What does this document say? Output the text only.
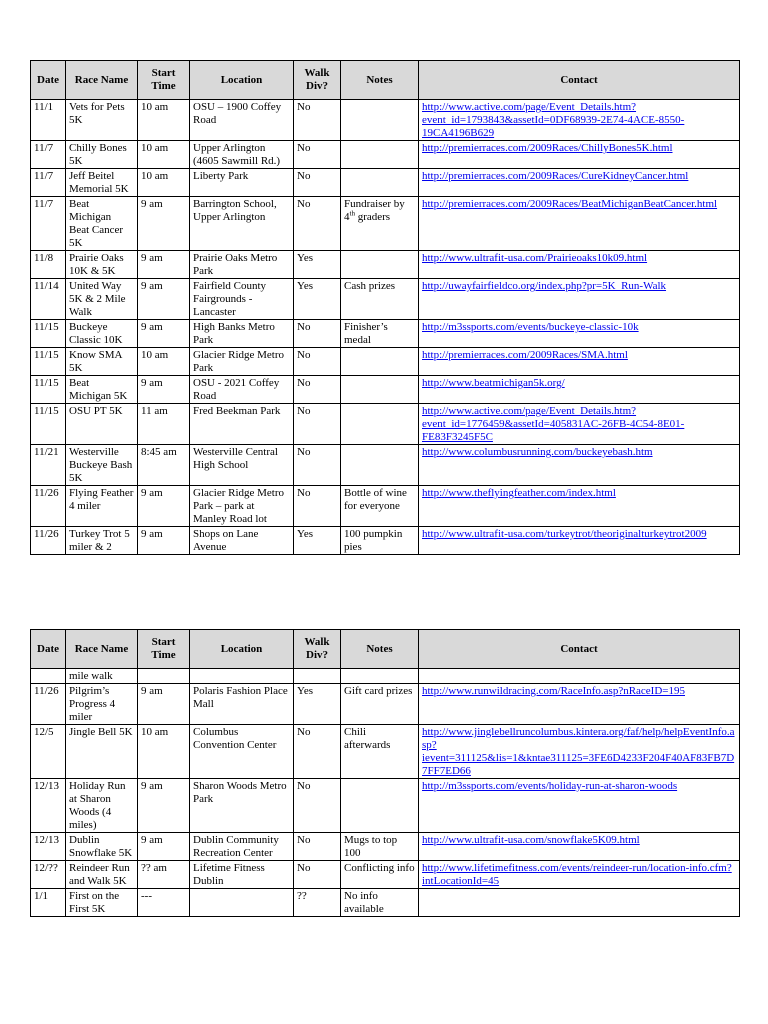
Date	Race Name	Start Time	Location	Walk Div?	Notes	Contact
11/1	Vets for Pets 5K	10 am	OSU – 1900 Coffey Road	No		http://www.active.com/page/Event_Details.htm?event_id=1793843&assetId=0DF68939-2E74-4ACE-8550-19CA4196B629
11/7	Chilly Bones 5K	10 am	Upper Arlington (4605 Sawmill Rd.)	No		http://premierraces.com/2009Races/ChillyBones5K.html
11/7	Jeff Beitel Memorial 5K	10 am	Liberty Park	No		http://premierraces.com/2009Races/CureKidneyCancer.html
11/7	Beat Michigan Beat Cancer 5K	9 am	Barrington School, Upper Arlington	No	Fundraiser by 4th graders	http://premierraces.com/2009Races/BeatMichiganBeatCancer.html
11/8	Prairie Oaks 10K & 5K	9 am	Prairie Oaks Metro Park	Yes		http://www.ultrafit-usa.com/Prairieoaks10k09.html
11/14	United Way 5K & 2 Mile Walk	9 am	Fairfield County Fairgrounds - Lancaster	Yes	Cash prizes	http://uwayfairfieldco.org/index.php?pr=5K_Run-Walk
11/15	Buckeye Classic 10K	9 am	High Banks Metro Park	No	Finisher’s medal	http://m3ssports.com/events/buckeye-classic-10k
11/15	Know SMA 5K	10 am	Glacier Ridge Metro Park	No		http://premierraces.com/2009Races/SMA.html
11/15	Beat Michigan 5K	9 am	OSU - 2021 Coffey Road	No		http://www.beatmichigan5k.org/
11/15	OSU PT 5K	11 am	Fred Beekman Park	No		http://www.active.com/page/Event_Details.htm?event_id=1776459&assetId=405831AC-26FB-4C54-8E01-FE83F3245F5C
11/21	Westerville Buckeye Bash 5K	8:45 am	Westerville Central High School	No		http://www.columbusrunning.com/buckeyebash.htm
11/26	Flying Feather 4 miler	9 am	Glacier Ridge Metro Park – park at Manley Road lot	No	Bottle of wine for everyone	http://www.theflyingfeather.com/index.html
11/26	Turkey Trot 5 miler & 2	9 am	Shops on Lane Avenue	Yes	100 pumpkin pies	http://www.ultrafit-usa.com/turkeytrot/theoriginalturkeytrot2009
Date	Race Name	Start Time	Location	Walk Div?	Notes	Contact
	mile walk					
11/26	Pilgrim’s Progress 4 miler	9 am	Polaris Fashion Place Mall	Yes	Gift card prizes	http://www.runwildracing.com/RaceInfo.asp?nRaceID=195
12/5	Jingle Bell 5K	10 am	Columbus Convention Center	No	Chili afterwards	http://www.jinglebellruncolumbus.kintera.org/faf/help/helpEventInfo.asp?ievent=311125&lis=1&kntae311125=3FE6D4233F204F40AF83FB7D7FF7ED66
12/13	Holiday Run at Sharon Woods (4 miles)	9 am	Sharon Woods Metro Park	No		http://m3ssports.com/events/holiday-run-at-sharon-woods
12/13	Dublin Snowflake 5K	9 am	Dublin Community Recreation Center	No	Mugs to top 100	http://www.ultrafit-usa.com/snowflake5K09.html
12/??	Reindeer Run and Walk 5K	?? am	Lifetime Fitness Dublin	No	Conflicting info	http://www.lifetimefitness.com/events/reindeer-run/location-info.cfm?intLocationId=45
1/1	First on the First 5K	---		??	No info available	
